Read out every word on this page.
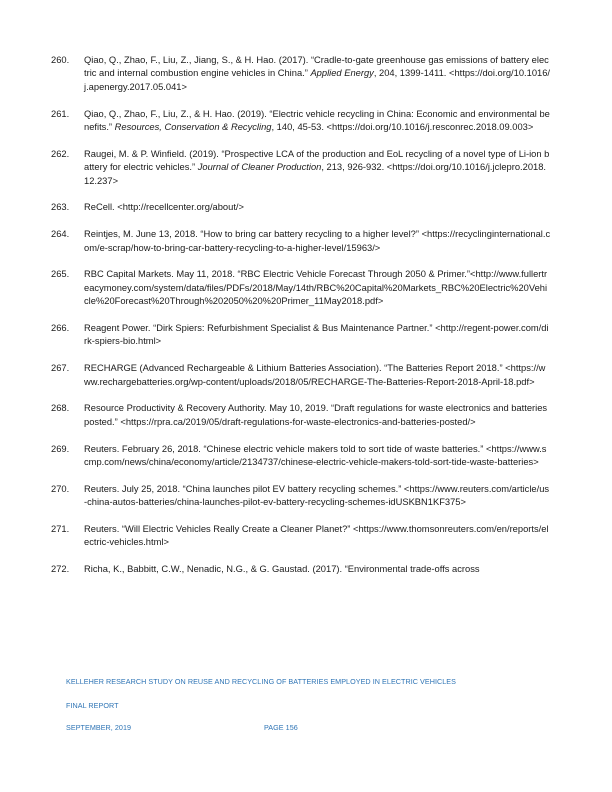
260. Qiao, Q., Zhao, F., Liu, Z., Jiang, S., & H. Hao. (2017). “Cradle-to-gate greenhouse gas emissions of battery electric and internal combustion engine vehicles in China.” Applied Energy, 204, 1399-1411. <https://doi.org/10.1016/j.apenergy.2017.05.041>
261. Qiao, Q., Zhao, F., Liu, Z., & H. Hao. (2019). “Electric vehicle recycling in China: Economic and environmental benefits.” Resources, Conservation & Recycling, 140, 45-53. <https://doi.org/10.1016/j.resconrec.2018.09.003>
262. Raugei, M. & P. Winfield. (2019). “Prospective LCA of the production and EoL recycling of a novel type of Li-ion battery for electric vehicles.” Journal of Cleaner Production, 213, 926-932. <https://doi.org/10.1016/j.jclepro.2018.12.237>
263. ReCell. <http://recellcenter.org/about/>
264. Reintjes, M. June 13, 2018. “How to bring car battery recycling to a higher level?” <https://recyclinginternational.com/e-scrap/how-to-bring-car-battery-recycling-to-a-higher-level/15963/>
265. RBC Capital Markets. May 11, 2018. “RBC Electric Vehicle Forecast Through 2050 & Primer.”<http://www.fullertreacymoney.com/system/data/files/PDFs/2018/May/14th/RBC%20Capital%20Markets_RBC%20Electric%20Vehicle%20Forecast%20Through%202050%20%20Primer_11May2018.pdf>
266. Reagent Power. “Dirk Spiers: Refurbishment Specialist & Bus Maintenance Partner.” <http://regent-power.com/dirk-spiers-bio.html>
267. RECHARGE (Advanced Rechargeable & Lithium Batteries Association). “The Batteries Report 2018.” <https://www.rechargebatteries.org/wp-content/uploads/2018/05/RECHARGE-The-Batteries-Report-2018-April-18.pdf>
268. Resource Productivity & Recovery Authority. May 10, 2019. “Draft regulations for waste electronics and batteries posted.” <https://rpra.ca/2019/05/draft-regulations-for-waste-electronics-and-batteries-posted/>
269. Reuters. February 26, 2018. “Chinese electric vehicle makers told to sort tide of waste batteries.” <https://www.scmp.com/news/china/economy/article/2134737/chinese-electric-vehicle-makers-told-sort-tide-waste-batteries>
270. Reuters. July 25, 2018. “China launches pilot EV battery recycling schemes.” <https://www.reuters.com/article/us-china-autos-batteries/china-launches-pilot-ev-battery-recycling-schemes-idUSKBN1KF375>
271. Reuters. “Will Electric Vehicles Really Create a Cleaner Planet?” <https://www.thomsonreuters.com/en/reports/electric-vehicles.html>
272. Richa, K., Babbitt, C.W., Nenadic, N.G., & G. Gaustad. (2017). “Environmental trade-offs across
KELLEHER RESEARCH STUDY ON REUSE AND RECYCLING OF BATTERIES EMPLOYED IN ELECTRIC VEHICLES
FINAL REPORT
SEPTEMBER, 2019	PAGE 156
